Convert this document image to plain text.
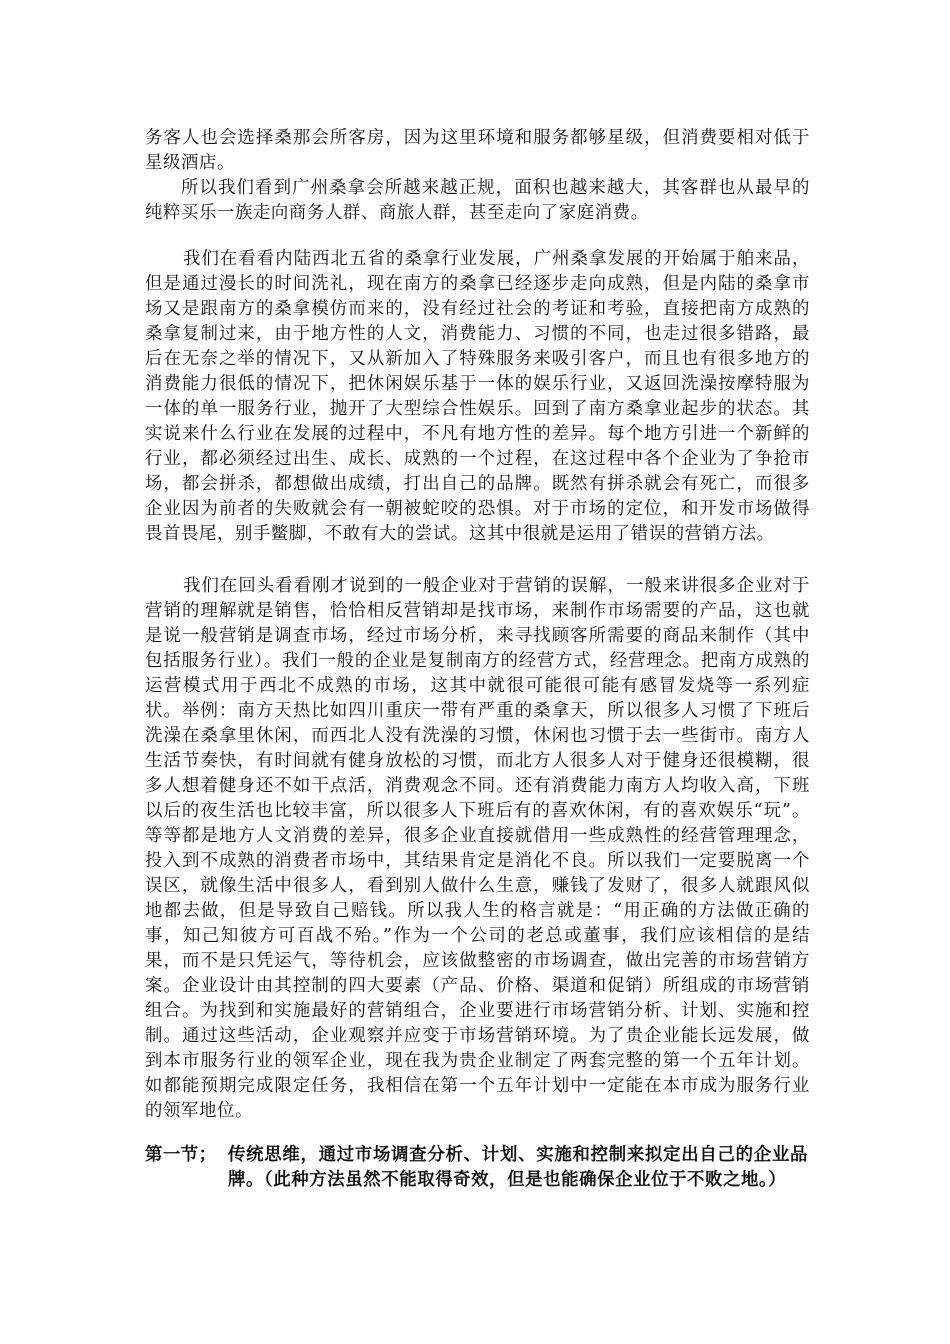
务客人也会选择桑那会所客房，因为这里环境和服务都够星级，但消费要相对低于星级酒店。

所以我们看到广州桑拿会所越来越正规，面积也越来越大，其客群也从最早的纯粹买乐一族走向商务人群、商旅人群，甚至走向了家庭消费。

我们在看看内陆西北五省的桑拿行业发展，广州桑拿发展的开始属于舶来品，但是通过漫长的时间洗礼，现在南方的桑拿已经逐步走向成熟，但是内陆的桑拿市场又是跟南方的桑拿模仿而来的，没有经过社会的考证和考验，直接把南方成熟的桑拿复制过来，由于地方性的人文，消费能力、习惯的不同，也走过很多错路，最后在无奈之举的情况下，又从新加入了特殊服务来吸引客户，而且也有很多地方的消费能力很低的情况下，把休闲娱乐基于一体的娱乐行业，又返回洗澡按摩特服为一体的单一服务行业，抛开了大型综合性娱乐。回到了南方桑拿业起步的状态。其实说来什么行业在发展的过程中，不凡有地方性的差异。每个地方引进一个新鲜的行业，都必须经过出生、成长、成熟的一个过程，在这过程中各个企业为了争抢市场，都会拼杀，都想做出成绩，打出自己的品牌。既然有拼杀就会有死亡，而很多企业因为前者的失败就会有一朝被蛇咬的恐惧。对于市场的定位，和开发市场做得畏首畏尾，别手鳖脚，不敢有大的尝试。这其中很就是运用了错误的营销方法。

我们在回头看看刚才说到的一般企业对于营销的误解，一般来讲很多企业对于营销的理解就是销售，恰恰相反营销却是找市场，来制作市场需要的产品，这也就是说一般营销是调查市场，经过市场分析，来寻找顾客所需要的商品来制作（其中包括服务行业）。我们一般的企业是复制南方的经营方式，经营理念。把南方成熟的运营模式用于西北不成熟的市场，这其中就很可能很可能有感冒发烧等一系列症状。举例：南方天热比如四川重庆一带有严重的桑拿天，所以很多人习惯了下班后洗澡在桑拿里休闲，而西北人没有洗澡的习惯，休闲也习惯于去一些街市。南方人生活节奏快，有时间就有健身放松的习惯，而北方人很多人对于健身还很模糊，很多人想着健身还不如干点活，消费观念不同。还有消费能力南方人均收入高，下班以后的夜生活也比较丰富，所以很多人下班后有的喜欢休闲，有的喜欢娱乐“玩”。等等都是地方人文消费的差异，很多企业直接就借用一些成熟性的经营管理理念，投入到不成熟的消费者市场中，其结果肯定是消化不良。所以我们一定要脱离一个误区，就像生活中很多人，看到别人做什么生意，赚钱了发财了，很多人就跟风似地都去做，但是导致自己赔钱。所以我人生的格言就是：“用正确的方法做正确的事，知己知彼方可百战不殆。”作为一个公司的老总或董事，我们应该相信的是结果，而不是只凭运气，等待机会，应该做整密的市场调查，做出完善的市场营销方案。企业设计由其控制的四大要素（产品、价格、渠道和促销）所组成的市场营销组合。为找到和实施最好的营销组合，企业要进行市场营销分析、计划、实施和控制。通过这些活动，企业观察并应变于市场营销环境。为了贵企业能长远发展，做到本市服务行业的领军企业，现在我为贵企业制定了两套完整的第一个五年计划。如都能预期完成限定任务，我相信在第一个五年计划中一定能在本市成为服务行业的领军地位。

第一节； 传统思维，通过市场调查分析、计划、实施和控制来拟定出自己的企业品牌。（此种方法虽然不能取得奇效，但是也能确保企业位于不败之地。）
